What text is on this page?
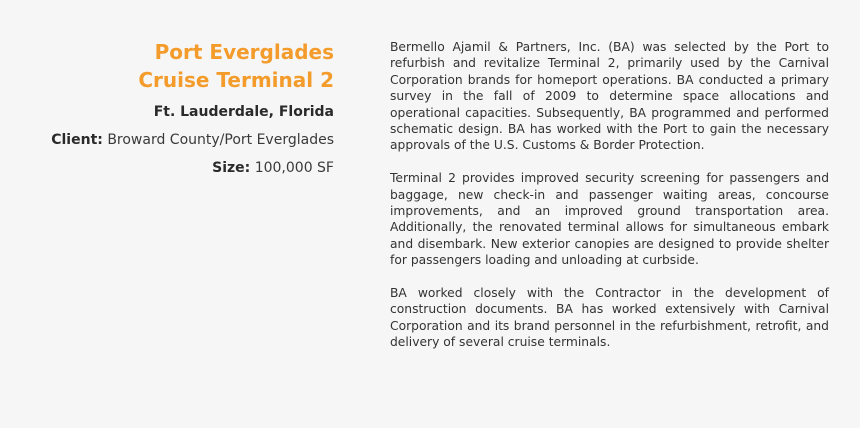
Port Everglades
Cruise Terminal 2
Ft. Lauderdale, Florida
Client: Broward County/Port Everglades
Size: 100,000 SF

Bermello Ajamil & Partners, Inc. (BA) was selected by the Port to refurbish and revitalize Terminal 2, primarily used by the Carnival Corporation brands for homeport operations. BA conducted a primary survey in the fall of 2009 to determine space allocations and operational capacities. Subsequently, BA programmed and performed schematic design. BA has worked with the Port to gain the necessary approvals of the U.S. Customs & Border Protection.

Terminal 2 provides improved security screening for passengers and baggage, new check-in and passenger waiting areas, concourse improvements, and an improved ground transportation area. Additionally, the renovated terminal allows for simultaneous embark and disembark. New exterior canopies are designed to provide shelter for passengers loading and unloading at curbside.

BA worked closely with the Contractor in the development of construction documents. BA has worked extensively with Carnival Corporation and its brand personnel in the refurbishment, retrofit, and delivery of several cruise terminals.
